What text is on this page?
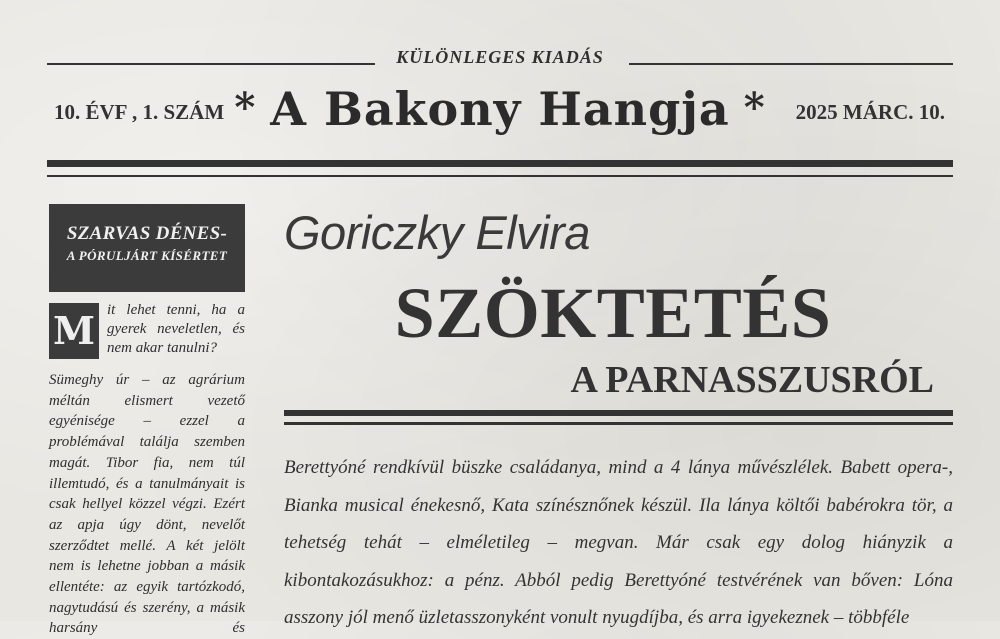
KÜLÖNLEGES KIADÁS
10. ÉVF , 1. SZÁM * A Bakony Hangja *	2025 MÁRC. 10.
SZARVAS DÉNES-
A PÓRULJÁRT KÍSÉRTET
M it lehet tenni, ha a gyerek neveletlen, és nem akar tanulni?
Sümeghy úr – az agrárium méltán elismert vezető egyénisége – ezzel a problémával találja szemben magát. Tibor fia, nem túl illemtudó, és a tanulmányait is csak hellyel közzel végzi. Ezért az apja úgy dönt, nevelőt szerződtet mellé. A két jelölt nem is lehetne jobban a másik ellentéte: az egyik tartózkodó, nagytudású és szerény, a másik harsány és
Goriczky Elvira
SZÖKTETÉS
A PARNASSZUSRÓL
Berettyóné rendkívül büszke családanya, mind a 4 lánya művészlélek. Babett opera-, Bianka musical énekesnő, Kata színésznőnek készül. Ila lánya költői babérokra tör, a tehetség tehát – elméletileg – megvan. Már csak egy dolog hiányzik a kibontakozásukhoz: a pénz. Abból pedig Berettyóné testvérének van bőven: Lóna asszony jól menő üzletasszonyként vonult nyugdíjba, és arra igyekeznek – többféle
